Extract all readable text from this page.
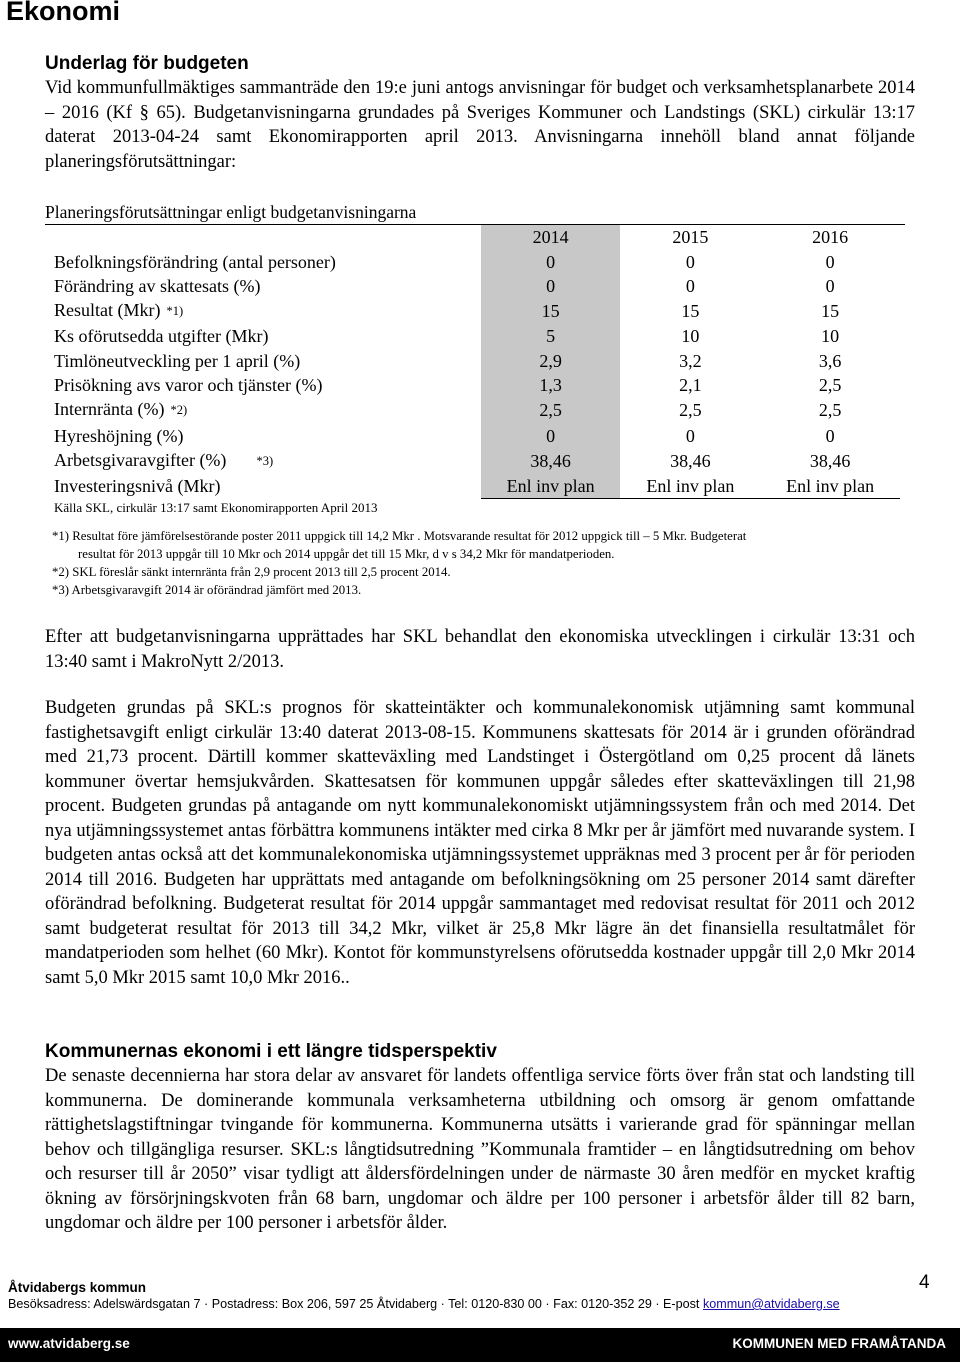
Ekonomi
Underlag för budgeten

Vid kommunfullmäktiges sammanträde den 19:e juni antogs anvisningar för budget och verksamhetsplanarbete 2014 – 2016 (Kf § 65). Budgetanvisningarna grundades på Sveriges Kommuner och Landstings (SKL) cirkulär 13:17 daterat 2013-04-24 samt Ekonomirapporten april 2013. Anvisningarna innehöll bland annat följande planeringsförutsättningar:

Planeringsförutsättningar enligt budgetanvisningarna
	2014	2015	2016
Befolkningsförändring (antal personer)	0	0	0
Förändring av skattesats (%)	0	0	0
Resultat (Mkr) *1)	15	15	15
Ks oförutsedda utgifter (Mkr)	5	10	10
Timlöneutveckling per 1 april (%)	2,9	3,2	3,6
Prisökning avs varor och tjänster (%)	1,3	2,1	2,5
Internränta (%) *2)	2,5	2,5	2,5
Hyreshöjning (%)	0	0	0
Arbetsgivaravgifter (%) *3)	38,46	38,46	38,46
Investeringsnivå (Mkr)	Enl inv plan	Enl inv plan	Enl inv plan
Källa SKL, cirkulär 13:17 samt Ekonomirapporten April 2013

*1) Resultat före jämförelsestörande poster 2011 uppgick till 14,2 Mkr . Motsvarande resultat för 2012 uppgick till – 5 Mkr. Budgeterat

resultat för 2013 uppgår till 10 Mkr och 2014 uppgår det till 15 Mkr, d v s 34,2 Mkr för mandatperioden.

*2) SKL föreslår sänkt internränta från 2,9 procent 2013 till 2,5 procent 2014.

*3) Arbetsgivaravgift 2014 är oförändrad jämfört med 2013.

Efter att budgetanvisningarna upprättades har SKL behandlat den ekonomiska utvecklingen i cirkulär 13:31 och 13:40 samt i MakroNytt 2/2013.

Budgeten grundas på SKL:s prognos för skatteintäkter och kommunalekonomisk utjämning samt kommunal fastighetsavgift enligt cirkulär 13:40 daterat 2013-08-15. Kommunens skattesats för 2014 är i grunden oförändrad med 21,73 procent. Därtill kommer skatteväxling med Landstinget i Östergötland om 0,25 procent då länets kommuner övertar hemsjukvården. Skattesatsen för kommunen uppgår således efter skatteväxlingen till 21,98 procent. Budgeten grundas på antagande om nytt kommunalekonomiskt utjämningssystem från och med 2014. Det nya utjämningssystemet antas förbättra kommunens intäkter med cirka 8 Mkr per år jämfört med nuvarande system. I budgeten antas också att det kommunalekonomiska utjämningssystemet uppräknas med 3 procent per år för perioden 2014 till 2016. Budgeten har upprättats med antagande om befolkningsökning om 25 personer 2014 samt därefter oförändrad befolkning. Budgeterat resultat för 2014 uppgår sammantaget med redovisat resultat för 2011 och 2012 samt budgeterat resultat för 2013 till 34,2 Mkr, vilket är 25,8 Mkr lägre än det finansiella resultatmålet för mandatperioden som helhet (60 Mkr). Kontot för kommunstyrelsens oförutsedda kostnader uppgår till 2,0 Mkr 2014 samt 5,0 Mkr 2015 samt 10,0 Mkr 2016..

Kommunernas ekonomi i ett längre tidsperspektiv

De senaste decennierna har stora delar av ansvaret för landets offentliga service förts över från stat och landsting till kommunerna. De dominerande kommunala verksamheterna utbildning och omsorg är genom omfattande rättighetslagstiftningar tvingande för kommunerna. Kommunerna utsätts i varierande grad för spänningar mellan behov och tillgängliga resurser. SKL:s långtidsutredning ”Kommunala framtider – en långtidsutredning om behov och resurser till år 2050” visar tydligt att åldersfördelningen under de närmaste 30 åren medför en mycket kraftig ökning av försörjningskvoten från 68 barn, ungdomar och äldre per 100 personer i arbetsför ålder till 82 barn, ungdomar och äldre per 100 personer i arbetsför ålder.

Åtvidabergs kommun	4
Besöksadress: Adelswärdsgatan 7 · Postadress: Box 206, 597 25 Åtvidaberg · Tel: 0120-830 00 · Fax: 0120-352 29 · E-post kommun@atvidaberg.se
www.atvidaberg.se	KOMMUNEN MED FRAMÅTANDA
